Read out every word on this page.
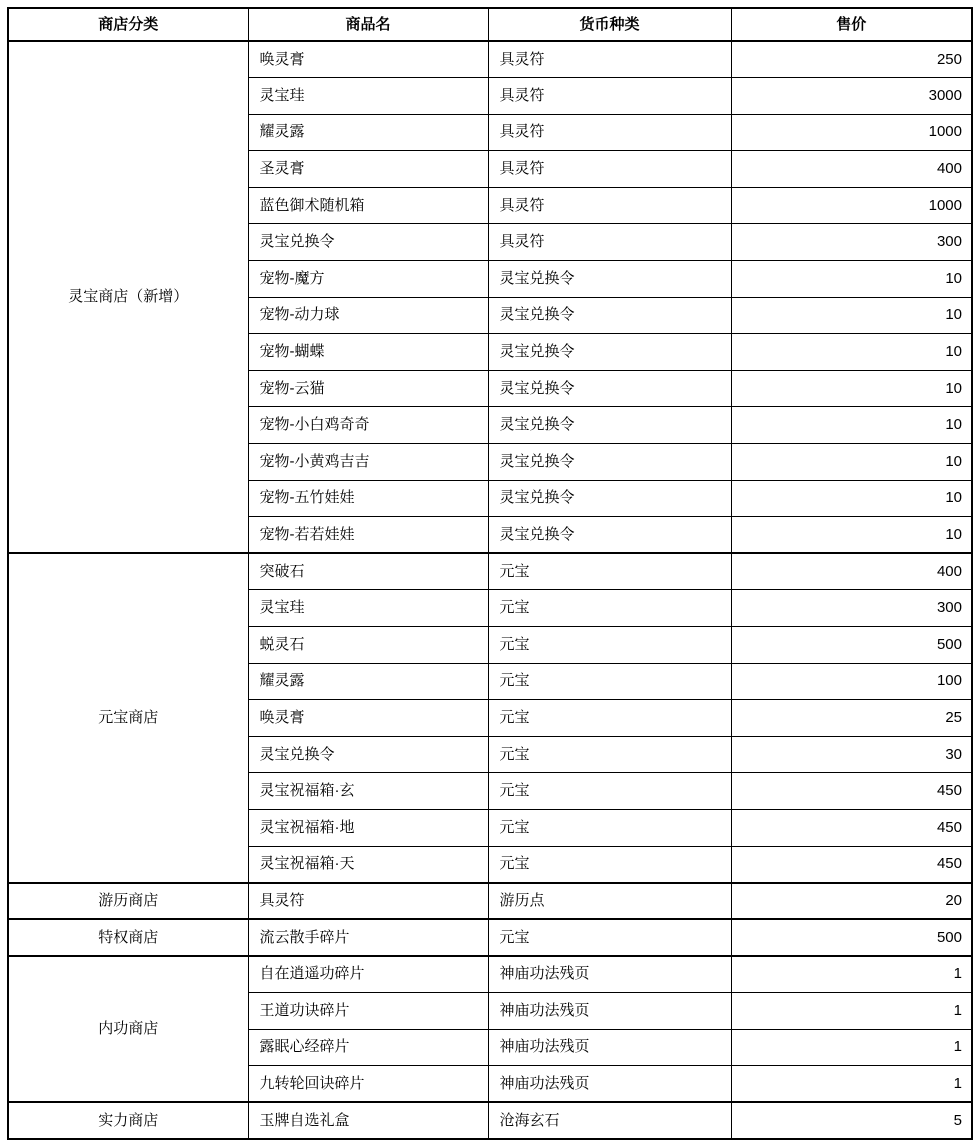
商店分类	商品名	货币种类	售价
灵宝商店（新增）	唤灵膏	具灵符	250
	灵宝珪	具灵符	3000
	耀灵露	具灵符	1000
	圣灵膏	具灵符	400
	蓝色御术随机箱	具灵符	1000
	灵宝兑换令	具灵符	300
	宠物-魔方	灵宝兑换令	10
	宠物-动力球	灵宝兑换令	10
	宠物-蝴蝶	灵宝兑换令	10
	宠物-云猫	灵宝兑换令	10
	宠物-小白鸡奇奇	灵宝兑换令	10
	宠物-小黄鸡吉吉	灵宝兑换令	10
	宠物-五竹娃娃	灵宝兑换令	10
	宠物-若若娃娃	灵宝兑换令	10
元宝商店	突破石	元宝	400
	灵宝珪	元宝	300
	蜕灵石	元宝	500
	耀灵露	元宝	100
	唤灵膏	元宝	25
	灵宝兑换令	元宝	30
	灵宝祝福箱·玄	元宝	450
	灵宝祝福箱·地	元宝	450
	灵宝祝福箱·天	元宝	450
游历商店	具灵符	游历点	20
特权商店	流云散手碎片	元宝	500
内功商店	自在逍遥功碎片	神庙功法残页	1
	王道功诀碎片	神庙功法残页	1
	露眠心经碎片	神庙功法残页	1
	九转轮回诀碎片	神庙功法残页	1
实力商店	玉牌自选礼盒	沧海玄石	5
